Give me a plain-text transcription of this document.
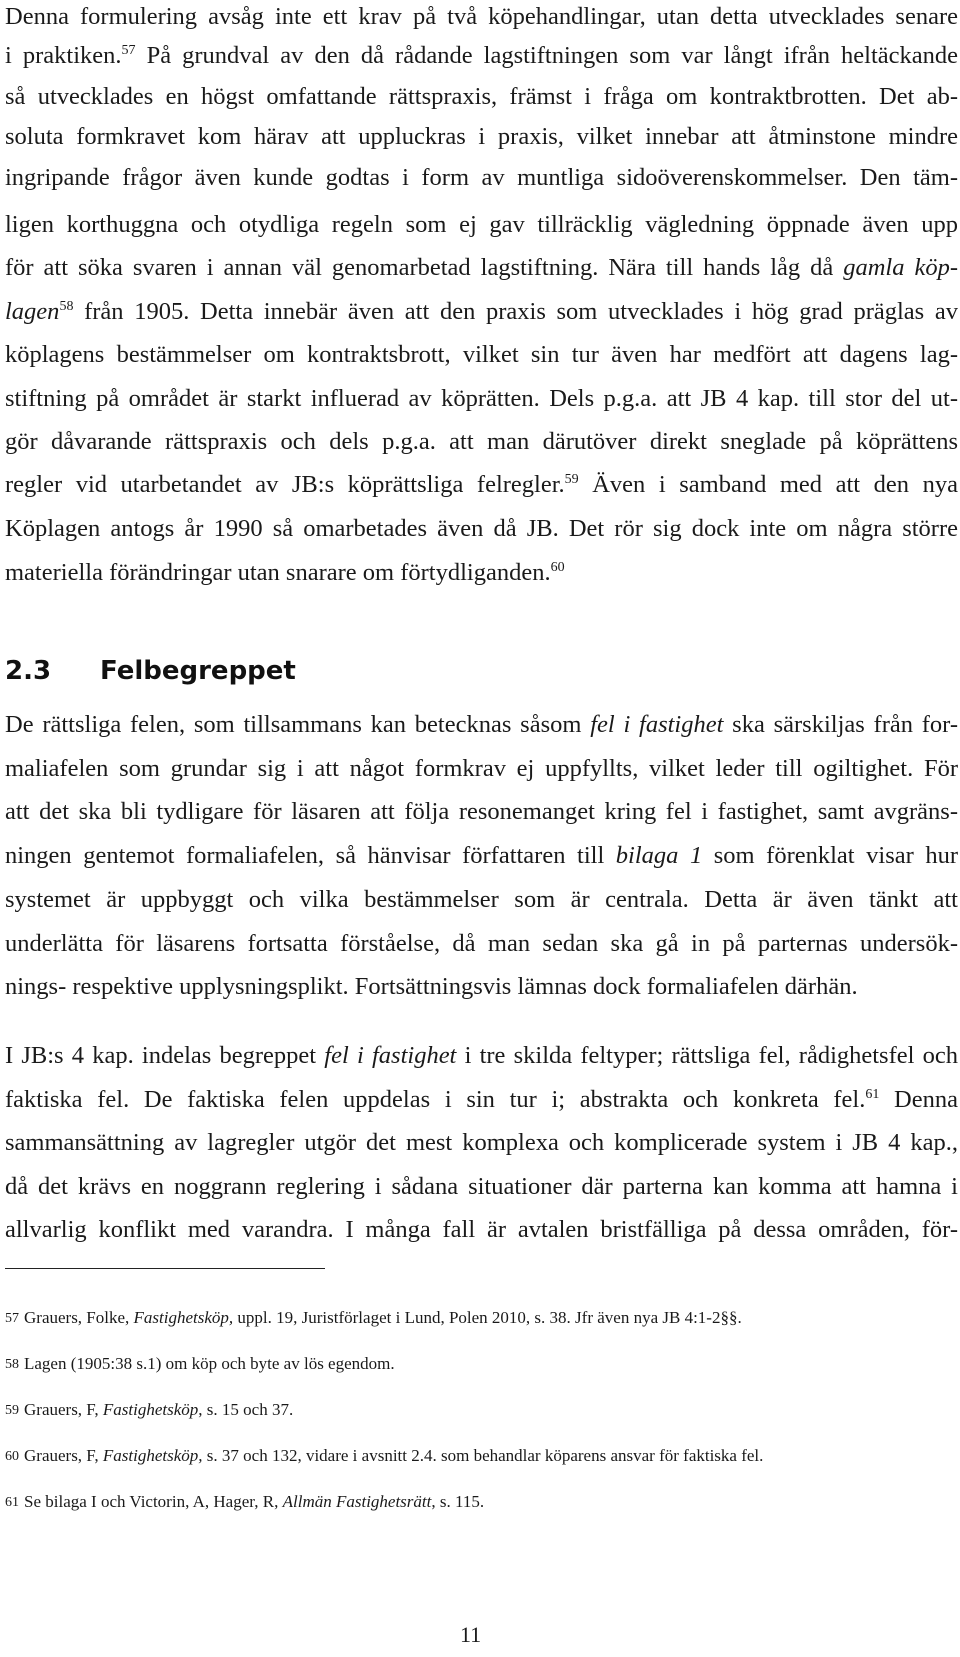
Denna formulering avsåg inte ett krav på två köpehandlingar, utan detta utvecklades senare
i praktiken.$^{57}$ På grundval av den då rådande lagstiftningen som var långt ifrån heltäckande
så utvecklades en högst omfattande rättspraxis, främst i fråga om kontraktbrotten. Det ab-
soluta formkravet kom härav att uppluckras i praxis, vilket innebar att åtminstone mindre
ingripande frågor även kunde godtas i form av muntliga sidoöverenskommelser. Den täm-
ligen korthuggna och otydliga regeln som ej gav tillräcklig vägledning öppnade även upp
för att söka svaren i annan väl genomarbetad lagstiftning. Nära till hands låg då gamla köp-
lagen$^{58}$ från 1905. Detta innebär även att den praxis som utvecklades i hög grad präglas av
köplagens bestämmelser om kontraktsbrott, vilket sin tur även har medfört att dagens lag-
stiftning på området är starkt influerad av köprätten. Dels p.g.a. att JB 4 kap. till stor del ut-
gör dåvarande rättspraxis och dels p.g.a. att man därutöver direkt sneglade på köprättens
regler vid utarbetandet av JB:s köprättsliga felregler.$^{59}$ Även i samband med att den nya
Köplagen antogs år 1990 så omarbetades även då JB. Det rör sig dock inte om några större
materiella förändringar utan snarare om förtydliganden.$^{60}$
2.3 Felbegreppet
De rättsliga felen, som tillsammans kan betecknas såsom fel i fastighet ska särskiljas från for-
maliafelen som grundar sig i att något formkrav ej uppfyllts, vilket leder till ogiltighet. För
att det ska bli tydligare för läsaren att följa resonemanget kring fel i fastighet, samt avgräns-
ningen gentemot formaliafelen, så hänvisar författaren till bilaga 1 som förenklat visar hur
systemet är uppbyggt och vilka bestämmelser som är centrala. Detta är även tänkt att
underlätta för läsarens fortsatta förståelse, då man sedan ska gå in på parternas undersök-
nings- respektive upplysningsplikt. Fortsättningsvis lämnas dock formaliafelen därhän.
I JB:s 4 kap. indelas begreppet fel i fastighet i tre skilda feltyper; rättsliga fel, rådighetsfel och
faktiska fel. De faktiska felen uppdelas i sin tur i; abstrakta och konkreta fel.$^{61}$ Denna
sammansättning av lagregler utgör det mest komplexa och komplicerade system i JB 4 kap.,
då det krävs en noggrann reglering i sådana situationer där parterna kan komma att hamna i
allvarlig konflikt med varandra. I många fall är avtalen bristfälliga på dessa områden, för-
57 Grauers, Folke, Fastighetsköp, uppl. 19, Juristförlaget i Lund, Polen 2010, s. 38. Jfr även nya JB 4:1-2§§.
58 Lagen (1905:38 s.1) om köp och byte av lös egendom.
59 Grauers, F, Fastighetsköp, s. 15 och 37.
60 Grauers, F, Fastighetsköp, s. 37 och 132, vidare i avsnitt 2.4. som behandlar köparens ansvar för faktiska fel.
61 Se bilaga I och Victorin, A, Hager, R, Allmän Fastighetsrätt, s. 115.
11
